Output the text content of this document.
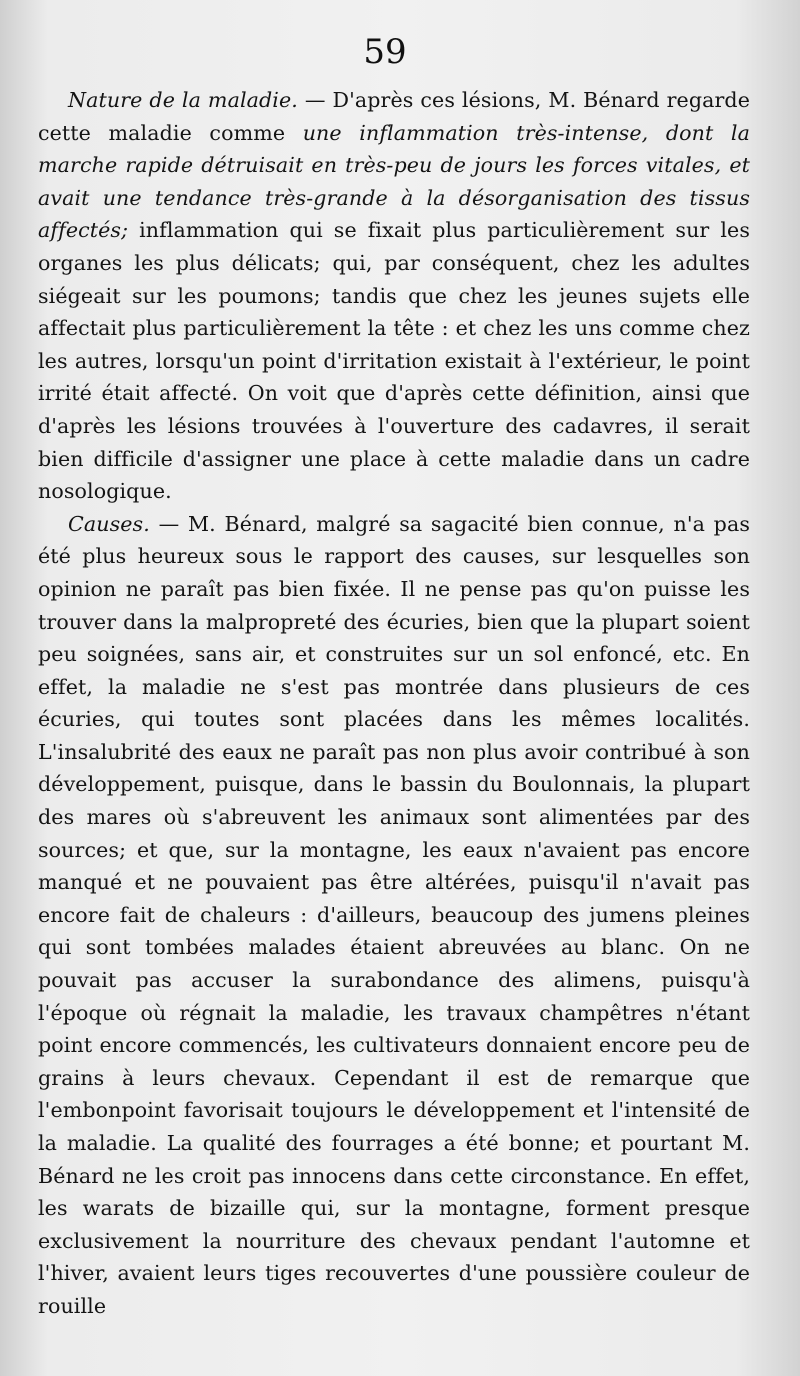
59

Nature de la maladie. — D'après ces lésions, M. Bénard regarde cette maladie comme une inflammation très-intense, dont la marche rapide détruisait en très-peu de jours les forces vitales, et avait une tendance très-grande à la désorganisation des tissus affectés; inflammation qui se fixait plus particulièrement sur les organes les plus délicats; qui, par conséquent, chez les adultes siégeait sur les poumons; tandis que chez les jeunes sujets elle affectait plus particulièrement la tête : et chez les uns comme chez les autres, lorsqu'un point d'irritation existait à l'extérieur, le point irrité était affecté. On voit que d'après cette définition, ainsi que d'après les lésions trouvées à l'ouverture des cadavres, il serait bien difficile d'assigner une place à cette maladie dans un cadre nosologique.

Causes. — M. Bénard, malgré sa sagacité bien connue, n'a pas été plus heureux sous le rapport des causes, sur lesquelles son opinion ne paraît pas bien fixée. Il ne pense pas qu'on puisse les trouver dans la malpropreté des écuries, bien que la plupart soient peu soignées, sans air, et construites sur un sol enfoncé, etc. En effet, la maladie ne s'est pas montrée dans plusieurs de ces écuries, qui toutes sont placées dans les mêmes localités. L'insalubrité des eaux ne paraît pas non plus avoir contribué à son développement, puisque, dans le bassin du Boulonnais, la plupart des mares où s'abreuvent les animaux sont alimentées par des sources; et que, sur la montagne, les eaux n'avaient pas encore manqué et ne pouvaient pas être altérées, puisqu'il n'avait pas encore fait de chaleurs : d'ailleurs, beaucoup des jumens pleines qui sont tombées malades étaient abreuvées au blanc. On ne pouvait pas accuser la surabondance des alimens, puisqu'à l'époque où régnait la maladie, les travaux champêtres n'étant point encore commencés, les cultivateurs donnaient encore peu de grains à leurs chevaux. Cependant il est de remarque que l'embonpoint favorisait toujours le développement et l'intensité de la maladie. La qualité des fourrages a été bonne; et pourtant M. Bénard ne les croit pas innocens dans cette circonstance. En effet, les warats de bizaille qui, sur la montagne, forment presque exclusivement la nourriture des chevaux pendant l'automne et l'hiver, avaient leurs tiges recouvertes d'une poussière couleur de rouille
